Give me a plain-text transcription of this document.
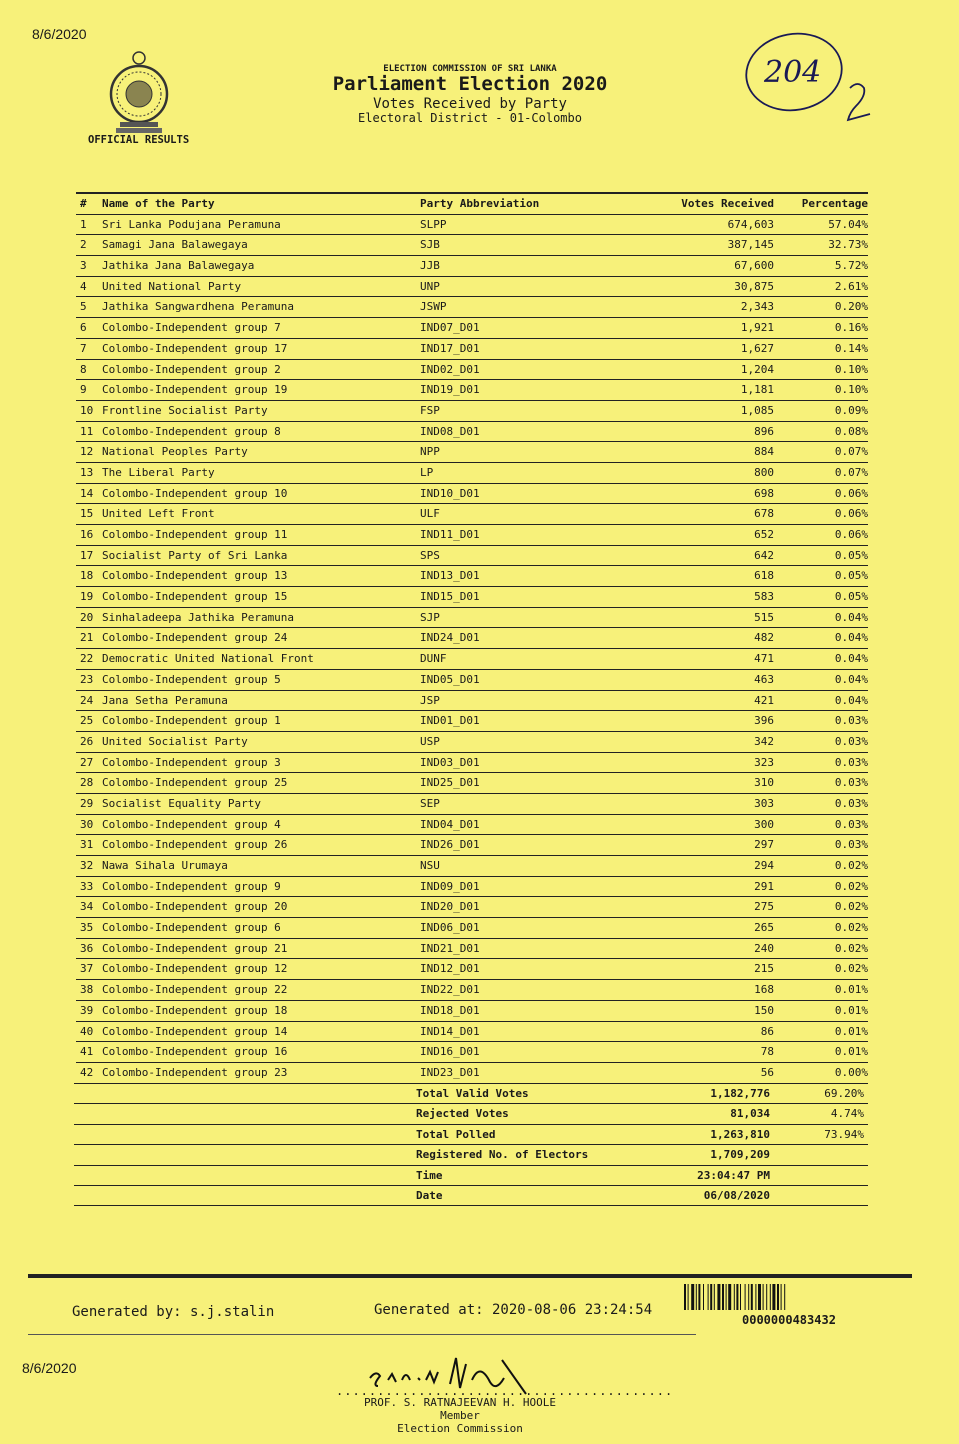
8/6/2020
OFFICIAL RESULTS
ELECTION COMMISSION OF SRI LANKA
Parliament Election 2020
Votes Received by Party
Electoral District - 01-Colombo
204
# Name of the Party	Party Abbreviation	Votes Received	Percentage
1 Sri Lanka Podujana Peramuna	SLPP	674,603	57.04%
2 Samagi Jana Balawegaya	SJB	387,145	32.73%
3 Jathika Jana Balawegaya	JJB	67,600	5.72%
4 United National Party	UNP	30,875	2.61%
5 Jathika Sangwardhena Peramuna	JSWP	2,343	0.20%
6 Colombo-Independent group 7	IND07_D01	1,921	0.16%
7 Colombo-Independent group 17	IND17_D01	1,627	0.14%
8 Colombo-Independent group 2	IND02_D01	1,204	0.10%
9 Colombo-Independent group 19	IND19_D01	1,181	0.10%
10 Frontline Socialist Party	FSP	1,085	0.09%
11 Colombo-Independent group 8	IND08_D01	896	0.08%
12 National Peoples Party	NPP	884	0.07%
13 The Liberal Party	LP	800	0.07%
14 Colombo-Independent group 10	IND10_D01	698	0.06%
15 United Left Front	ULF	678	0.06%
16 Colombo-Independent group 11	IND11_D01	652	0.06%
17 Socialist Party of Sri Lanka	SPS	642	0.05%
18 Colombo-Independent group 13	IND13_D01	618	0.05%
19 Colombo-Independent group 15	IND15_D01	583	0.05%
20 Sinhaladeepa Jathika Peramuna	SJP	515	0.04%
21 Colombo-Independent group 24	IND24_D01	482	0.04%
22 Democratic United National Front	DUNF	471	0.04%
23 Colombo-Independent group 5	IND05_D01	463	0.04%
24 Jana Setha Peramuna	JSP	421	0.04%
25 Colombo-Independent group 1	IND01_D01	396	0.03%
26 United Socialist Party	USP	342	0.03%
27 Colombo-Independent group 3	IND03_D01	323	0.03%
28 Colombo-Independent group 25	IND25_D01	310	0.03%
29 Socialist Equality Party	SEP	303	0.03%
30 Colombo-Independent group 4	IND04_D01	300	0.03%
31 Colombo-Independent group 26	IND26_D01	297	0.03%
32 Nawa Sihala Urumaya	NSU	294	0.02%
33 Colombo-Independent group 9	IND09_D01	291	0.02%
34 Colombo-Independent group 20	IND20_D01	275	0.02%
35 Colombo-Independent group 6	IND06_D01	265	0.02%
36 Colombo-Independent group 21	IND21_D01	240	0.02%
37 Colombo-Independent group 12	IND12_D01	215	0.02%
38 Colombo-Independent group 22	IND22_D01	168	0.01%
39 Colombo-Independent group 18	IND18_D01	150	0.01%
40 Colombo-Independent group 14	IND14_D01	86	0.01%
41 Colombo-Independent group 16	IND16_D01	78	0.01%
42 Colombo-Independent group 23	IND23_D01	56	0.00%
Total Valid Votes	1,182,776	69.20%
Rejected Votes	81,034	4.74%
Total Polled	1,263,810	73.94%
Registered No. of Electors	1,709,209
Time	23:04:47 PM
Date	06/08/2020
Generated by: s.j.stalin	Generated at: 2020-08-06 23:24:54
0000000483432
8/6/2020
.........................................
PROF. S. RATNAJEEVAN H. HOOLE
Member
Election Commission
